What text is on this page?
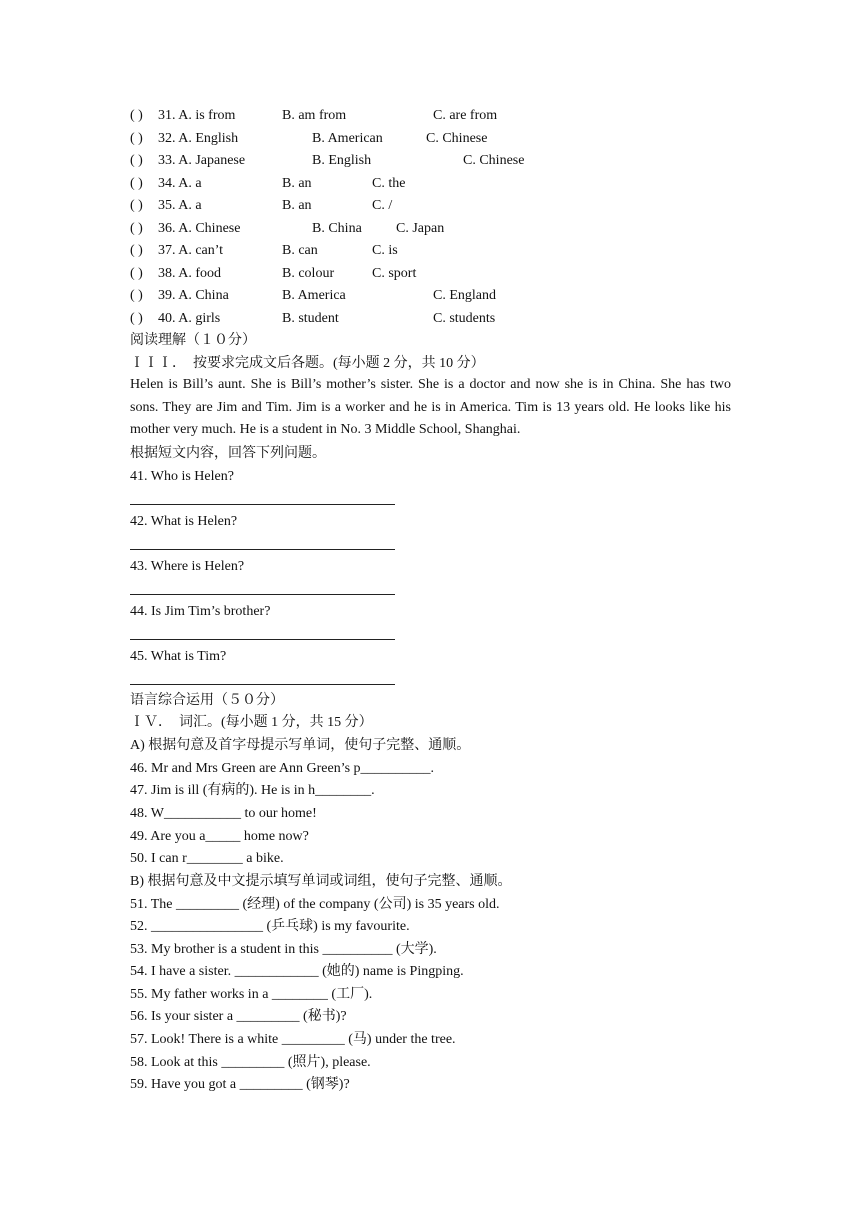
( ) 31. A. is from	B. am from	C. are from
( ) 32. A. English	B. American	C. Chinese
( ) 33. A. Japanese	B. English	C. Chinese
( ) 34. A. a	B. an	C. the
( ) 35. A. a	B. an	C. /
( ) 36. A. Chinese	B. China C. Japan
( ) 37. A. can’t	B. can	C. is
( ) 38. A. food	B. colour	C. sport
( ) 39. A. China	B. America	C. England
( ) 40. A. girls	B. student	C. students
阅读理解（１０分）
ＩＩＩ．　按要求完成文后各题。(每小题 2 分，共 10 分）
Helen is Bill’s aunt. She is Bill’s mother’s sister. She is a doctor and now she is in China. She has two sons. They are Jim and Tim. Jim is a worker and he is in America. Tim is 13 years old. He looks like his mother very much. He is a student in No. 3 Middle School, Shanghai.
根据短文内容，回答下列问题。
41. Who is Helen?
42. What is Helen?
43. Where is Helen?
44. Is Jim Tim’s brother?
45. What is Tim?
语言综合运用（５０分）
ＩＶ．　词汇。(每小题 1 分，共 15 分）
A) 根据句意及首字母提示写单词，使句子完整、通顺。
46. Mr and Mrs Green are Ann Green’s p__________.
47. Jim is ill (有病的). He is in h________.
48. W___________ to our home!
49. Are you a_____ home now?
50. I can r________ a bike.
B) 根据句意及中文提示填写单词或词组，使句子完整、通顺。
51. The _________ (经理) of the company (公司) is 35 years old.
52. ________________ (乒乓球) is my favourite.
53. My brother is a student in this __________ (大学).
54. I have a sister. ____________ (她的) name is Pingping.
55. My father works in a ________ (工厂).
56. Is your sister a _________ (秘书)?
57. Look! There is a white _________ (马) under the tree.
58. Look at this _________ (照片), please.
59. Have you got a _________ (钢琴)?
